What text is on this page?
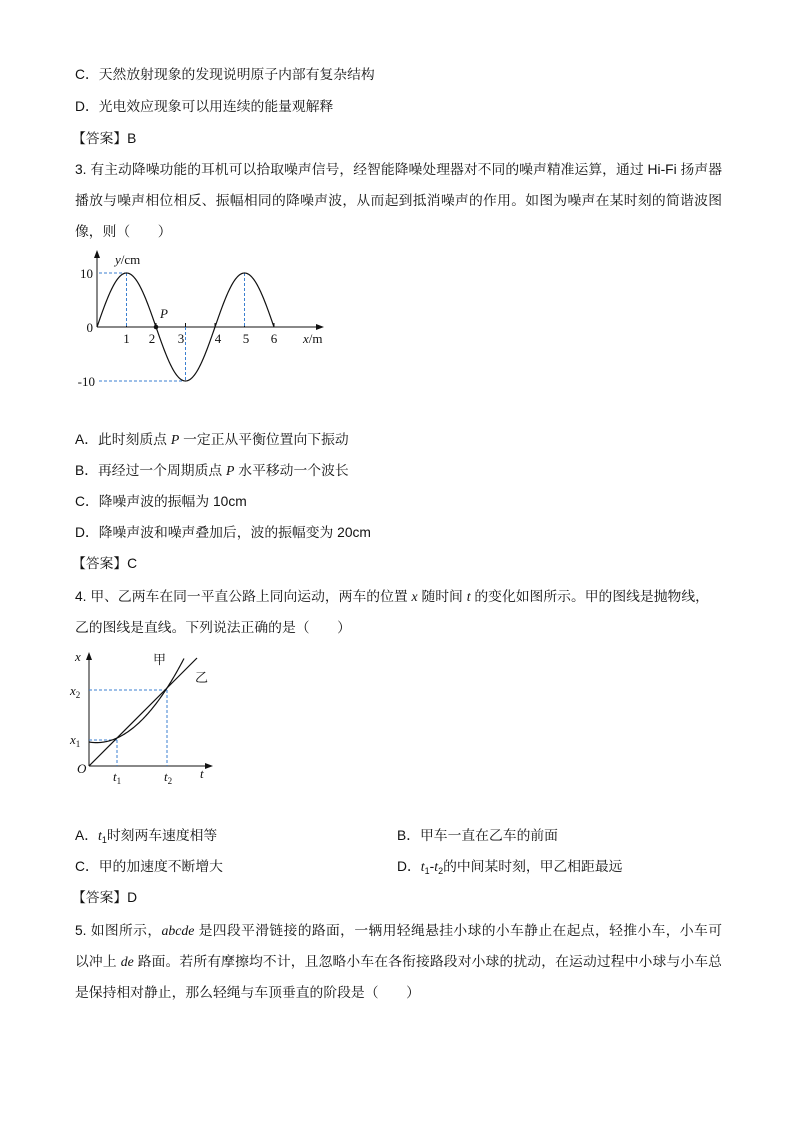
C．天然放射现象的发现说明原子内部有复杂结构
D．光电效应现象可以用连续的能量观解释
【答案】B
3. 有主动降噪功能的耳机可以拾取噪声信号，经智能降噪处理器对不同的噪声精准运算，通过 Hi-Fi 扬声器
播放与噪声相位相反、振幅相同的降噪声波，从而起到抵消噪声的作用。如图为噪声在某时刻的简谐波图
像，则（　　）
y/cm
x/m
10
0
-10
1 2 3 4 5 6
P
A．此时刻质点 P 一定正从平衡位置向下振动
B．再经过一个周期质点 P 水平移动一个波长
C．降噪声波的振幅为 10cm
D．降噪声波和噪声叠加后，波的振幅变为 20cm
【答案】C
4. 甲、乙两车在同一平直公路上同向运动，两车的位置 x 随时间 t 的变化如图所示。甲的图线是抛物线，
乙的图线是直线。下列说法正确的是（　　）
x
t
O
$x_2$
$x_1$
$t_1$	$t_2$
甲
乙
A．$t_1$时刻两车速度相等	B．甲车一直在乙车的前面
C．甲的加速度不断增大	D．$t_1-t_2$的中间某时刻，甲乙相距最远
【答案】D
5. 如图所示，abcde 是四段平滑链接的路面，一辆用轻绳悬挂小球的小车静止在起点，轻推小车，小车可
以冲上 de 路面。若所有摩擦均不计，且忽略小车在各衔接路段对小球的扰动，在运动过程中小球与小车总
是保持相对静止，那么轻绳与车顶垂直的阶段是（　　）
